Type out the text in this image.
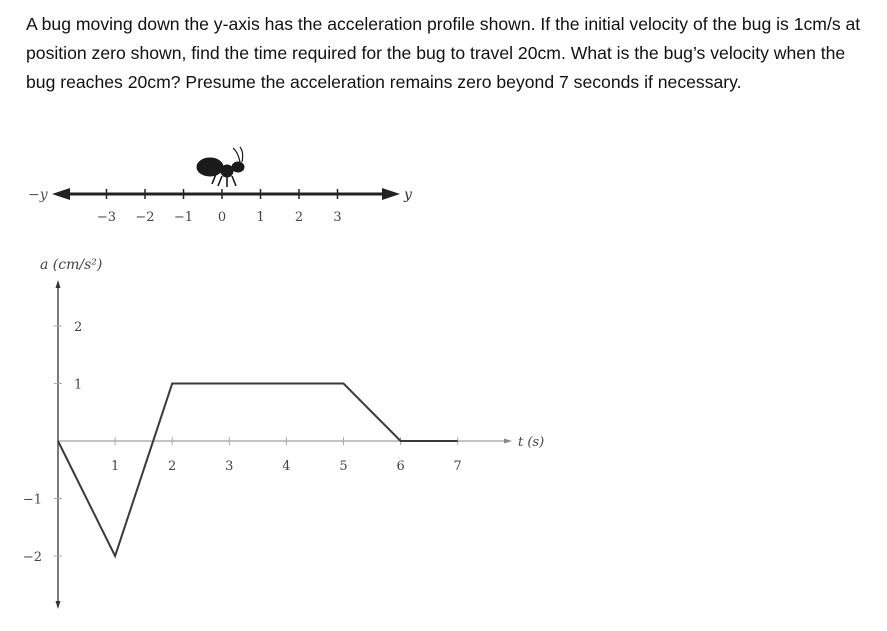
A bug moving down the y-axis has the acceleration profile shown. If the initial velocity of the bug is 1cm/s at position zero shown, find the time required for the bug to travel 20cm. What is the bug’s velocity when the bug reaches 20cm? Presume the acceleration remains zero beyond 7 seconds if necessary.

−y	y
−3 −2 −1 0 1 2 3
a (cm/s²)
t (s)
1	2	3	4	5	6	7
−2
−1
1
2
